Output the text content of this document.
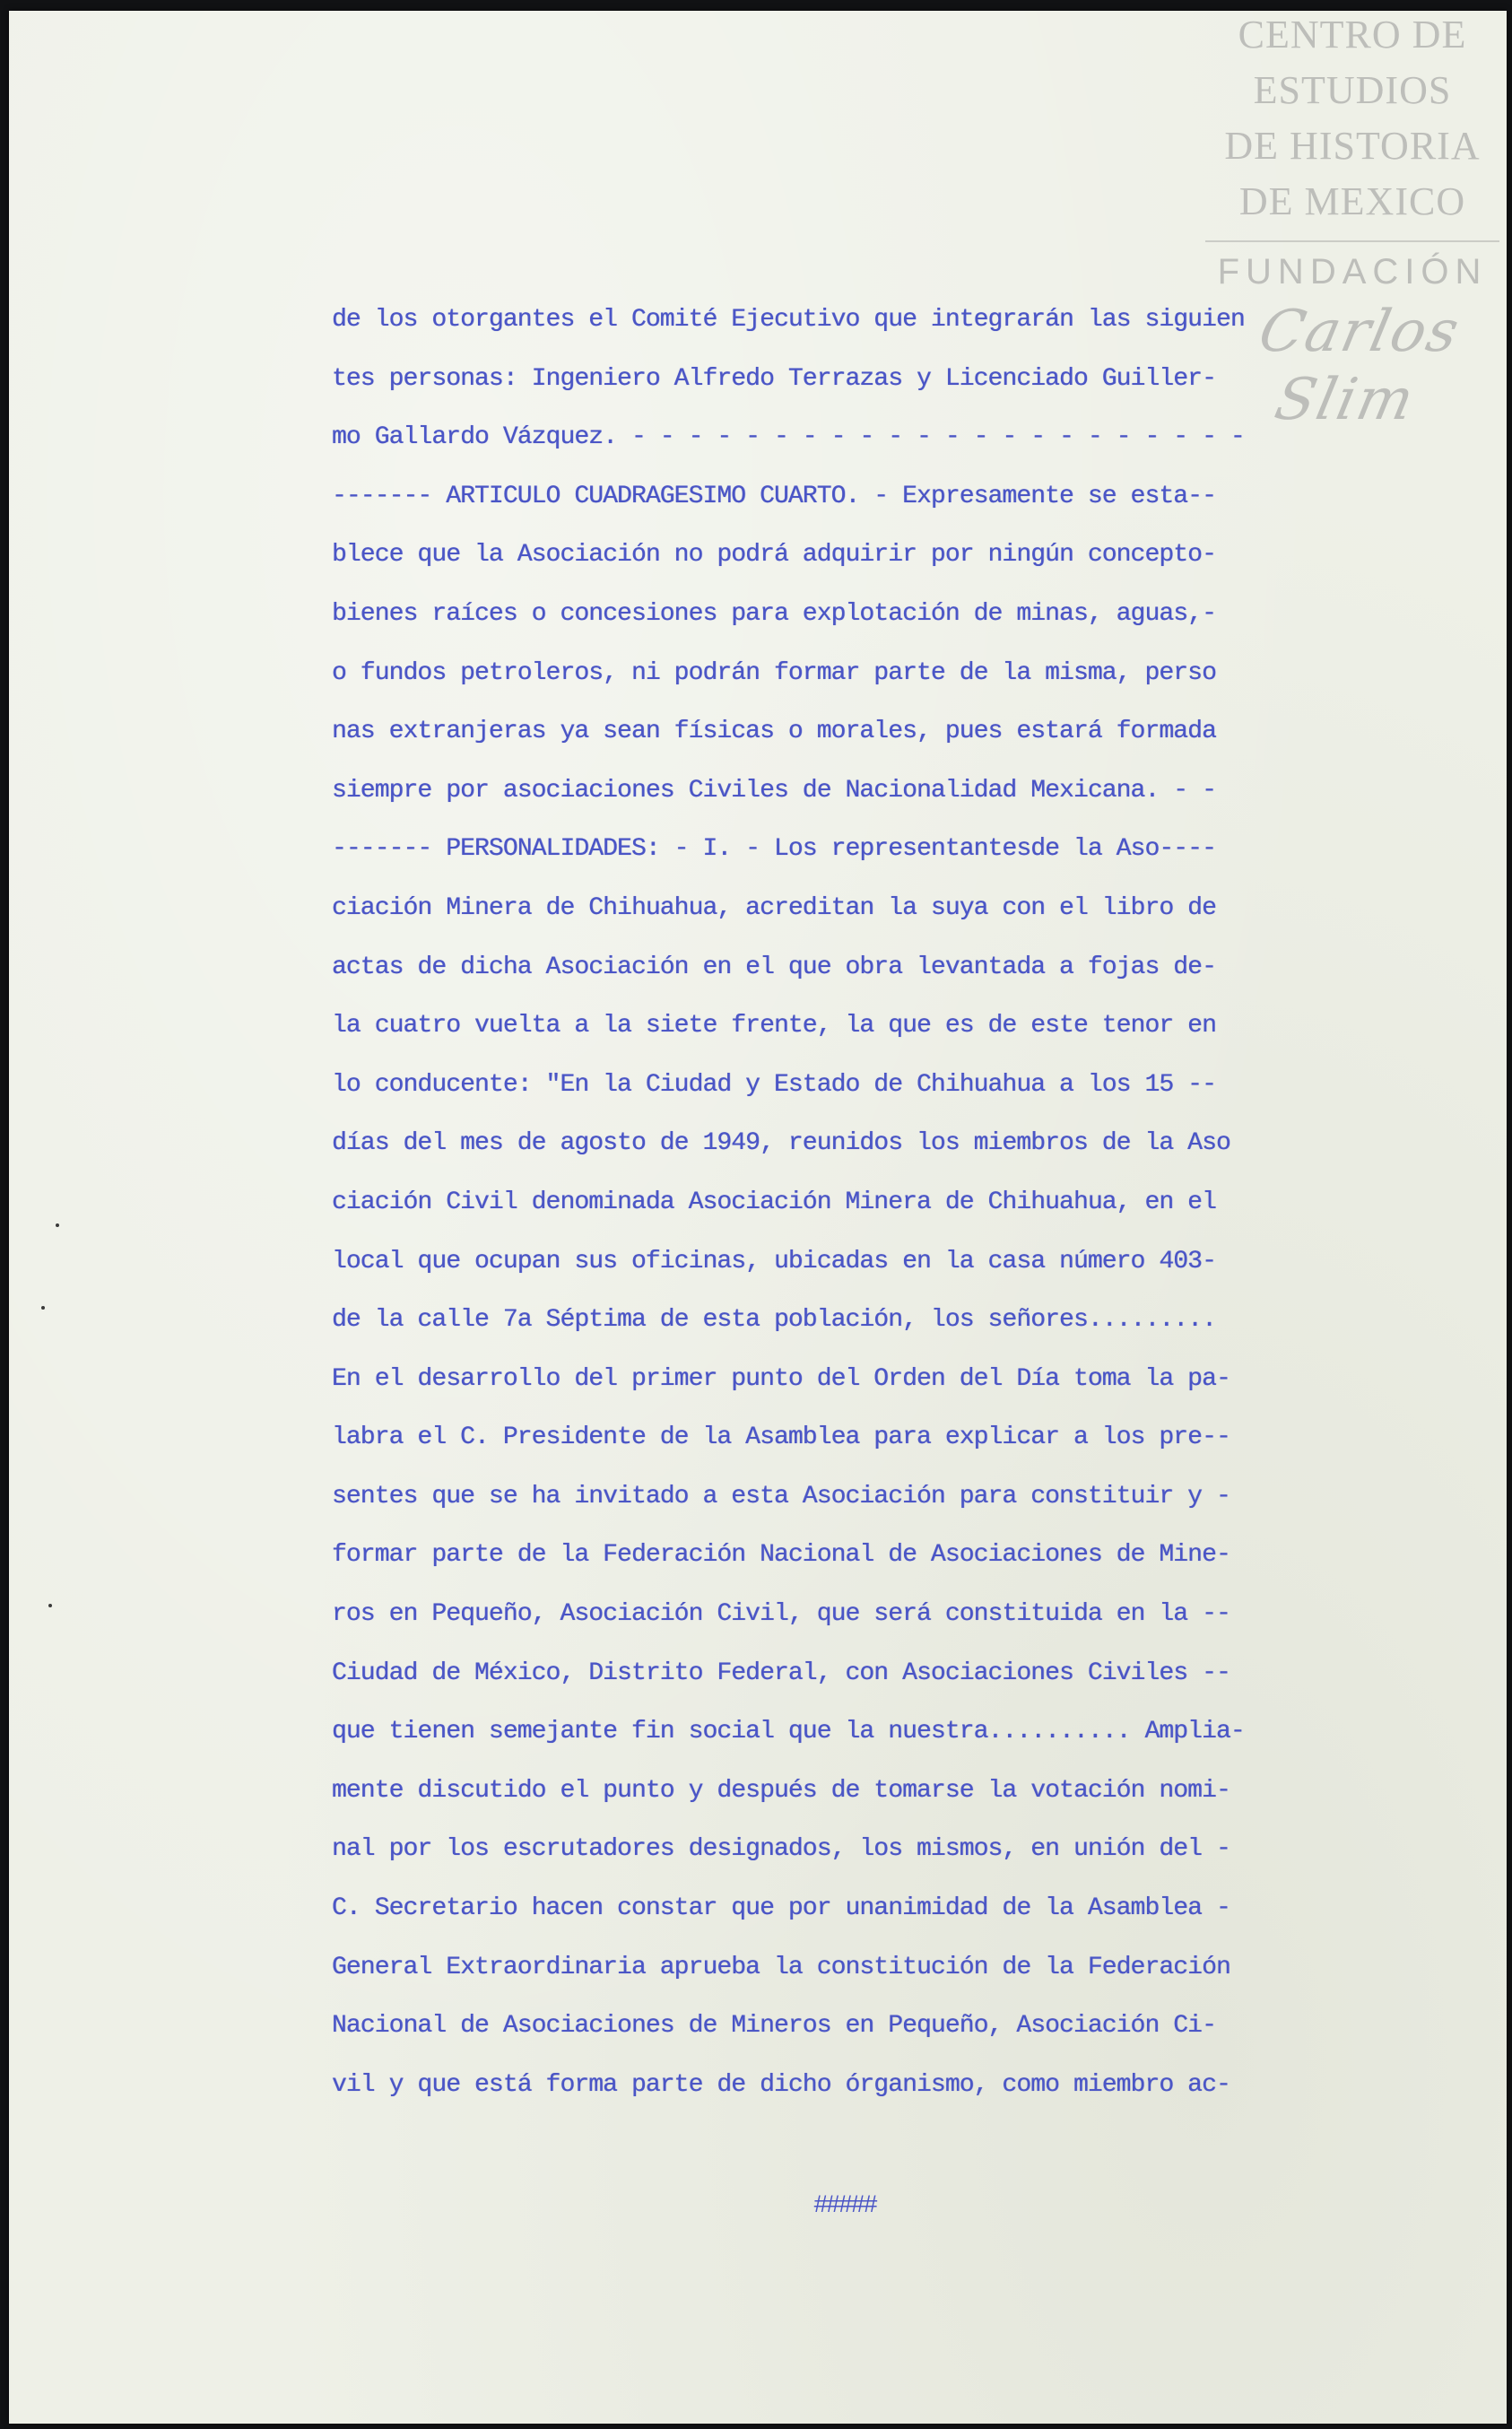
de los otorgantes el Comité Ejecutivo que integrarán las siguien
tes personas: Ingeniero Alfredo Terrazas y Licenciado Guiller-
mo Gallardo Vázquez. - - - - - - - - - - - - - - - - - - - - - -
------- ARTICULO CUADRAGESIMO CUARTO. - Expresamente se esta--
blece que la Asociación no podrá adquirir por ningún concepto-
bienes raíces o concesiones para explotación de minas, aguas,-
o fundos petroleros, ni podrán formar parte de la misma, perso
nas extranjeras ya sean físicas o morales, pues estará formada
siempre por asociaciones Civiles de Nacionalidad Mexicana. - -
------- PERSONALIDADES: - I. - Los representantesde la Aso----
ciación Minera de Chihuahua, acreditan la suya con el libro de
actas de dicha Asociación en el que obra levantada a fojas de-
la cuatro vuelta a la siete frente, la que es de este tenor en
lo conducente: "En la Ciudad y Estado de Chihuahua a los 15 --
días del mes de agosto de 1949, reunidos los miembros de la Aso
ciación Civil denominada Asociación Minera de Chihuahua, en el
local que ocupan sus oficinas, ubicadas en la casa número 403-
de la calle 7a Séptima de esta población, los señores.........
En el desarrollo del primer punto del Orden del Día toma la pa-
labra el C. Presidente de la Asamblea para explicar a los pre--
sentes que se ha invitado a esta Asociación para constituir y -
formar parte de la Federación Nacional de Asociaciones de Mine-
ros en Pequeño, Asociación Civil, que será constituida en la --
Ciudad de México, Distrito Federal, con Asociaciones Civiles --
que tienen semejante fin social que la nuestra.......... Amplia-
mente discutido el punto y después de tomarse la votación nomi-
nal por los escrutadores designados, los mismos, en unión del -
C. Secretario hacen constar que por unanimidad de la Asamblea -
General Extraordinaria aprueba la constitución de la Federación
Nacional de Asociaciones de Mineros en Pequeño, Asociación Ci-
vil y que está forma parte de dicho órganismo, como miembro ac-
#####
CENTRO DE
ESTUDIOS
DE HISTORIA
DE MEXICO
FUNDACIÓN
Carlos Slim
